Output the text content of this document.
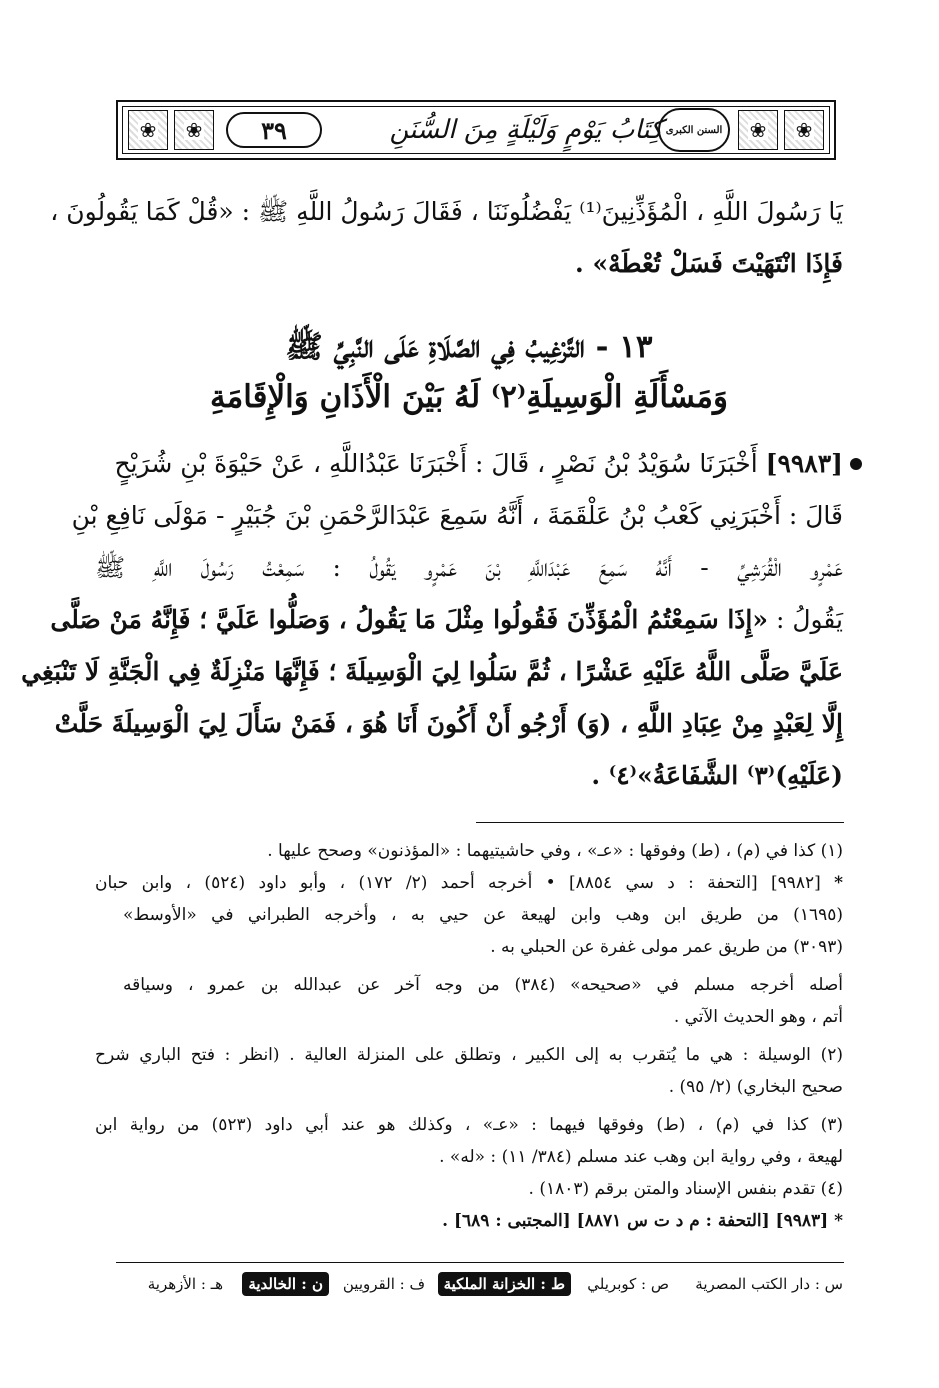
❀ ❀	٣٩	كِتَابُ يَوْمٍ وَلَيْلَةٍ مِنَ السُّنَنِ السنن الكبرى	❀ ❀
يَا رَسُولَ اللَّهِ ، الْمُؤَذِّنِينَ⁽¹⁾ يَفْضُلُونَنَا ، فَقَالَ رَسُولُ اللَّهِ ﷺ : «قُلْ كَمَا يَقُولُونَ ،
فَإِذَا انْتَهَيْتَ فَسَلْ تُعْطَهْ» .
١٣ - التَّرْغِيبُ فِي الصَّلَاةِ عَلَى النَّبِيِّ ﷺ
وَمَسْأَلَةِ الْوَسِيلَةِ⁽٢⁾ لَهُ بَيْنَ الْأَذَانِ وَالْإِقَامَةِ
[٩٩٨٣] أَخْبَرَنَا سُوَيْدُ بْنُ نَصْرٍ ، قَالَ : أَخْبَرَنَا عَبْدُاللَّهِ ، عَنْ حَيْوَةَ بْنِ شُرَيْحٍ
قَالَ : أَخْبَرَنِي كَعْبُ بْنُ عَلْقَمَةَ ، أَنَّهُ سَمِعَ عَبْدَالرَّحْمَنِ بْنَ جُبَيْرٍ - مَوْلَى نَافِعِ بْنِ
عَمْرٍو الْقُرَشِيِّ - أَنَّهُ سَمِعَ عَبْدَاللَّهِ بْنَ عَمْرٍو يَقُولُ : سَمِعْتُ رَسُولَ اللَّهِ ﷺ
يَقُولُ : «إِذَا سَمِعْتُمُ الْمُؤَذِّنَ فَقُولُوا مِثْلَ مَا يَقُولُ ، وَصَلُّوا عَلَيَّ ؛ فَإِنَّهُ مَنْ صَلَّى
عَلَيَّ صَلَّى اللَّهُ عَلَيْهِ عَشْرًا ، ثُمَّ سَلُوا لِيَ الْوَسِيلَةَ ؛ فَإِنَّهَا مَنْزِلَةٌ فِي الْجَنَّةِ لَا تَنْبَغِي
إِلَّا لِعَبْدٍ مِنْ عِبَادِ اللَّهِ ، (وَ) أَرْجُو أَنْ أَكُونَ أَنَا هُوَ ، فَمَنْ سَأَلَ لِيَ الْوَسِيلَةَ حَلَّتْ
(عَلَيْهِ)⁽٣⁾ الشَّفَاعَةُ»⁽٤⁾ .
(١) كذا في (م) ، (ط) وفوقها : «عـ» ، وفي حاشيتيهما : «المؤذنون» وصحح عليها .
* [٩٩٨٢] [التحفة : د سي ٨٨٥٤] • أخرجه أحمد (٢/ ١٧٢) ، وأبو داود (٥٢٤) ، وابن حبان
(١٦٩٥) من طريق ابن وهب وابن لهيعة عن حيي به ، وأخرجه الطبراني في «الأوسط»
(٣٠٩٣) من طريق عمر مولى غفرة عن الحبلي به .
أصله أخرجه مسلم في «صحيحه» (٣٨٤) من وجه آخر عن عبدالله بن عمرو ، وسياقه
أتم ، وهو الحديث الآتي .
(٢) الوسيلة : هي ما يُتقرب به إلى الكبير ، وتطلق على المنزلة العالية . (انظر : فتح الباري شرح
صحيح البخاري) (٢/ ٩٥) .
(٣) كذا في (م) ، (ط) وفوقها فيهما : «عـ» ، وكذلك هو عند أبي داود (٥٢٣) من رواية ابن
لهيعة ، وفي رواية ابن وهب عند مسلم (٣٨٤/ ١١) : «له» .
(٤) تقدم بنفس الإسناد والمتن برقم (١٨٠٣) .
* [٩٩٨٣] [التحفة : م د ت س ٨٨٧١] [المجتبى : ٦٨٩] .
س : دار الكتب المصرية
ص : كوبريلي
ط : الخزانة الملكية
ف : القرويين
ن : الخالدية
هـ : الأزهرية
